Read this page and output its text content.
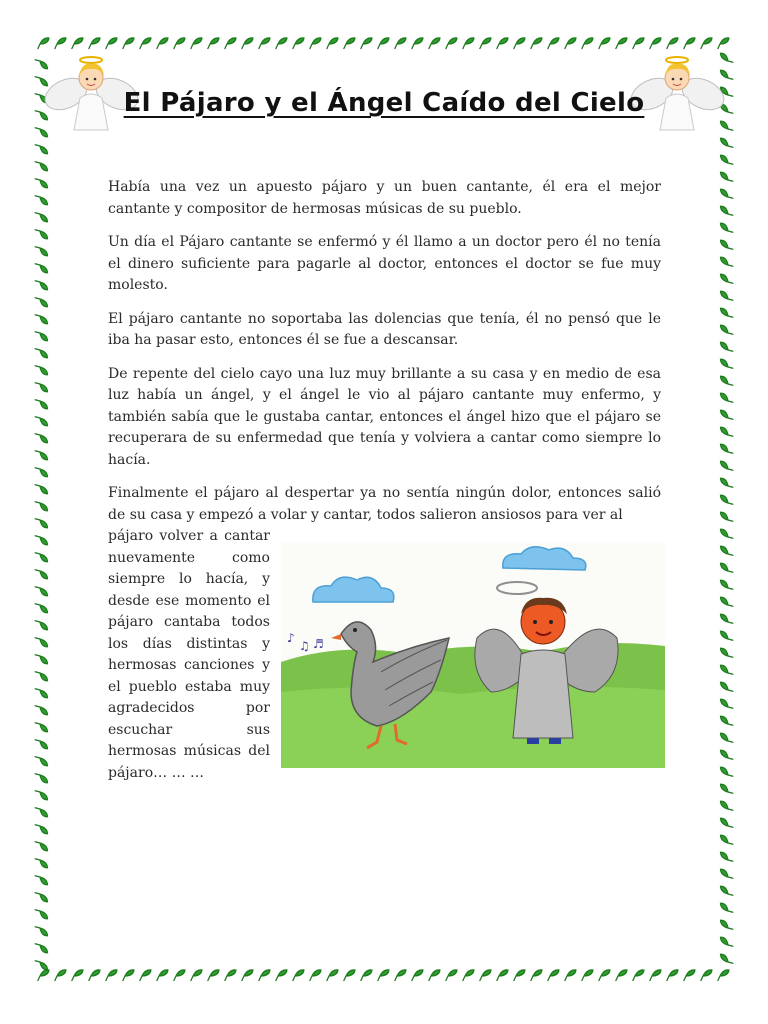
El Pájaro y el Ángel Caído del Cielo

Había una vez un apuesto pájaro y un buen cantante, él era el mejor cantante y compositor de hermosas músicas de su pueblo.

Un día el Pájaro cantante se enfermó y él llamo a un doctor pero él no tenía el dinero suficiente para pagarle al doctor, entonces el doctor se fue muy molesto.

El pájaro cantante no soportaba las dolencias que tenía, él no pensó que le iba ha pasar esto, entonces él se fue a descansar.

De repente del cielo cayo una luz muy brillante a su casa y en medio de esa luz había un ángel, y el ángel le vio al pájaro cantante muy enfermo, y también sabía que le gustaba cantar, entonces el ángel hizo que el pájaro se recuperara de su enfermedad que tenía y volviera a cantar como siempre lo hacía.

Finalmente el pájaro al despertar ya no sentía ningún dolor, entonces salió de su casa y empezó a volar y cantar, todos salieron ansiosos para ver al

pájaro volver a cantar nuevamente como siempre lo hacía, y desde ese momento el pájaro cantaba todos los días distintas y hermosas canciones y el pueblo estaba muy agradecidos por escuchar sus hermosas músicas del pájaro… … …

♪
♫ ♬
